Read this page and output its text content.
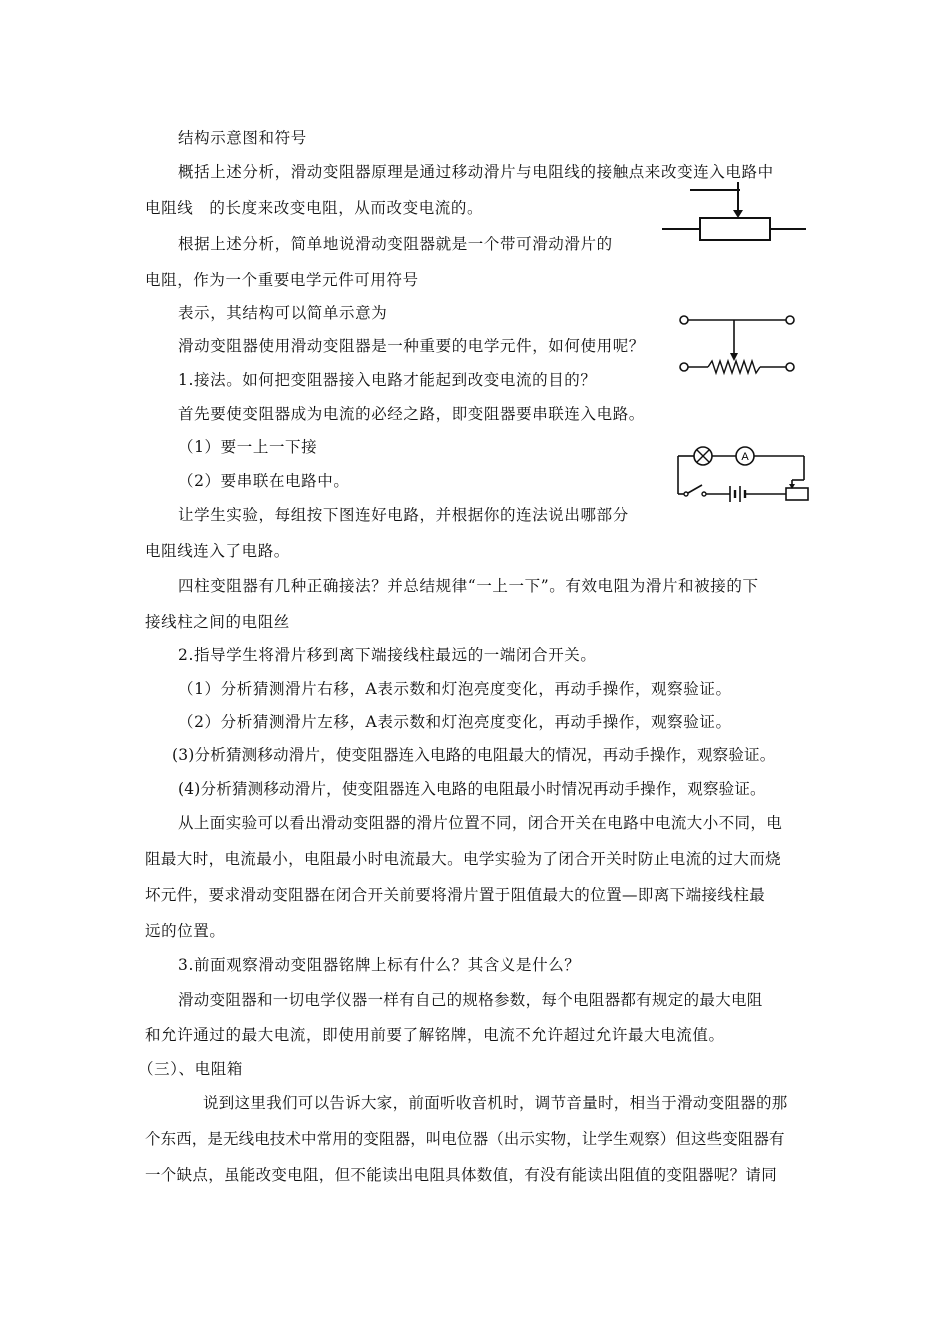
结构示意图和符号
概括上述分析，滑动变阻器原理是通过移动滑片与电阻线的接触点来改变连入电路中
电阻线　的长度来改变电阻，从而改变电流的。
根据上述分析，简单地说滑动变阻器就是一个带可滑动滑片的
电阻，作为一个重要电学元件可用符号
表示，其结构可以简单示意为
滑动变阻器使用滑动变阻器是一种重要的电学元件，如何使用呢？
1.接法。如何把变阻器接入电路才能起到改变电流的目的？
首先要使变阻器成为电流的必经之路，即变阻器要串联连入电路。
（1）要一上一下接
（2）要串联在电路中。
让学生实验，每组按下图连好电路，并根据你的连法说出哪部分
电阻线连入了电路。
四柱变阻器有几种正确接法？并总结规律“一上一下”。有效电阻为滑片和被接的下
接线柱之间的电阻丝
2.指导学生将滑片移到离下端接线柱最远的一端闭合开关。
（1）分析猜测滑片右移，A表示数和灯泡亮度变化，再动手操作，观察验证。
（2）分析猜测滑片左移，A表示数和灯泡亮度变化，再动手操作，观察验证。
(3)分析猜测移动滑片，使变阻器连入电路的电阻最大的情况，再动手操作，观察验证。
(4)分析猜测移动滑片，使变阻器连入电路的电阻最小时情况再动手操作，观察验证。
从上面实验可以看出滑动变阻器的滑片位置不同，闭合开关在电路中电流大小不同，电
阻最大时，电流最小，电阻最小时电流最大。电学实验为了闭合开关时防止电流的过大而烧
坏元件，要求滑动变阻器在闭合开关前要将滑片置于阻值最大的位置—即离下端接线柱最
远的位置。
3.前面观察滑动变阻器铭牌上标有什么？其含义是什么？
滑动变阻器和一切电学仪器一样有自己的规格参数，每个电阻器都有规定的最大电阻
和允许通过的最大电流，即使用前要了解铭牌，电流不允许超过允许最大电流值。
（三）、电阻箱
说到这里我们可以告诉大家，前面听收音机时，调节音量时，相当于滑动变阻器的那
个东西，是无线电技术中常用的变阻器，叫电位器（出示实物，让学生观察）但这些变阻器有
一个缺点，虽能改变电阻，但不能读出电阻具体数值，有没有能读出阻值的变阻器呢？请同
A
